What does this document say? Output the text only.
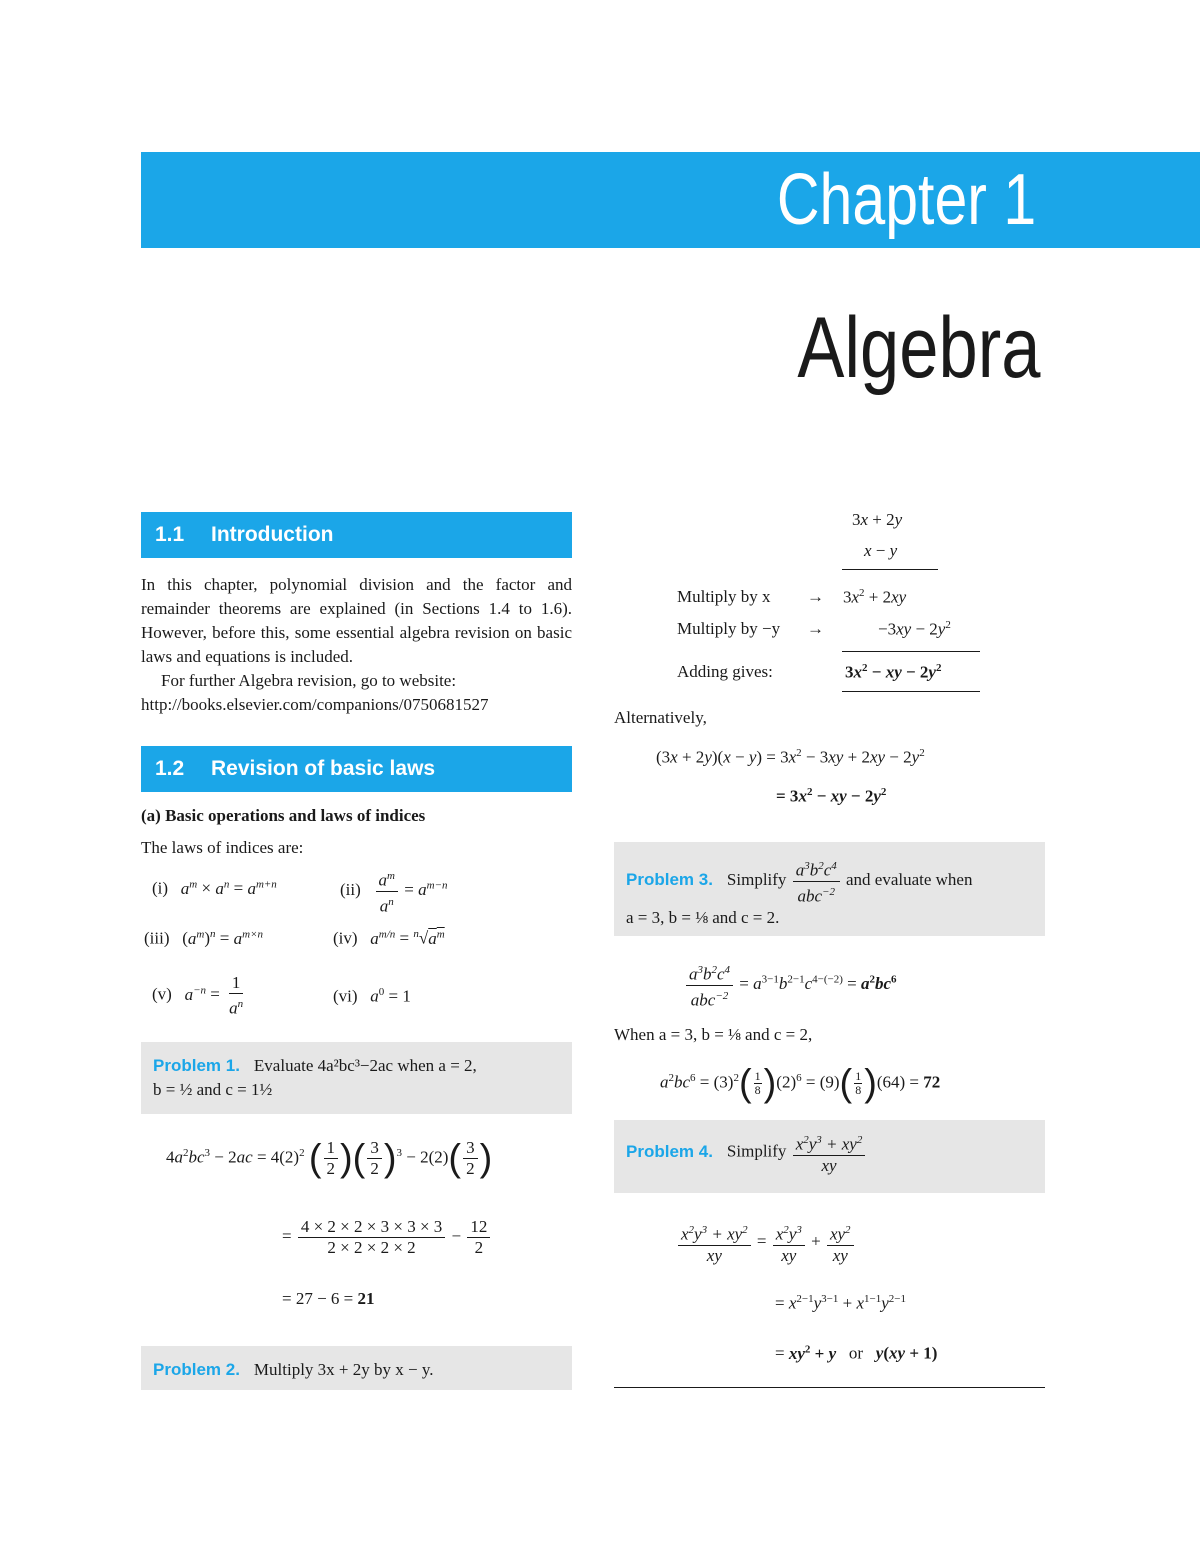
Chapter 1
Algebra
1.1 Introduction

In this chapter, polynomial division and the factor and remainder theorems are explained (in Sections 1.4 to 1.6). However, before this, some essential algebra revision on basic laws and equations is included.

For further Algebra revision, go to website:

http://books.elsevier.com/companions/0750681527

1.2 Revision of basic laws
(a) Basic operations and laws of indices
The laws of indices are:
(i) $a^m \times a^n = a^{m+n}$	$(ii) \frac{a^m}{a^n} = a^{m-n}$
(iii)   $(a^m)^n = a^{m\times n}$	(iv) $a^{m/n} = ^n√a^m$
(v) $a^{-n} = \frac{1}{a^n}$	(vi) $a^0 = 1$
Problem 1. Evaluate 4a²bc³−2ac when a = 2,
b = ½ and c = 1½
$4a^2bc^3 - 2ac = 4(2)^2$ ( $\frac{1}{2}$ )( $\frac{3}{2} )^3 - 2(2)( \frac{3}{2}$ )
= $\frac{4 \times 2 \times 2 \times 3 \times 3 \times 3}{2 \times 2 \times 2 \times 2} - \frac{12}{2}$
= 27 − 6 = 21
Problem 2. Multiply 3x + 2y by x − y.
3x + 2y
x − y
Multiply by $x \to 3x^2 + 2xy$
Multiply by −y →	$-3xy - 2y^2$
Adding gives:	$3x^2$ − xy − $2y^2$
Alternatively,
$(3x + 2y)(x - y) = 3x^2 - 3xy + 2xy - 2y^2$
= $3x^2$ − xy − $2y^2$
Problem 3. Simplify $\frac{a^3b^2c^4}{abc^{-2}}$ and evaluate when
a = 3, b = ⅛ and c = 2.
$\frac{a^3b^2c^4}{abc^{-2}} = a^{3-1}b^{2-1}c^{4-(-2)} = a^2bc^6$
When a = 3, b = ⅛ and c = 2,
$a^2bc^6 = (3)^2( \frac{1}{8} )(2)^6 = (9)( \frac{1}{8} )(64) = 72$
Problem 4. Simplify $\frac{x^2y^3 + xy^2}{xy}$
$\frac{x^2y^3 + xy^2}{xy} = \frac{x^2y^3}{xy} + \frac{xy^2}{xy}$
= $x^{2-1}y^{3-1} + x^{1-1}y^{2-1}$
= $xy^2 + y$ or y(xy + 1)
